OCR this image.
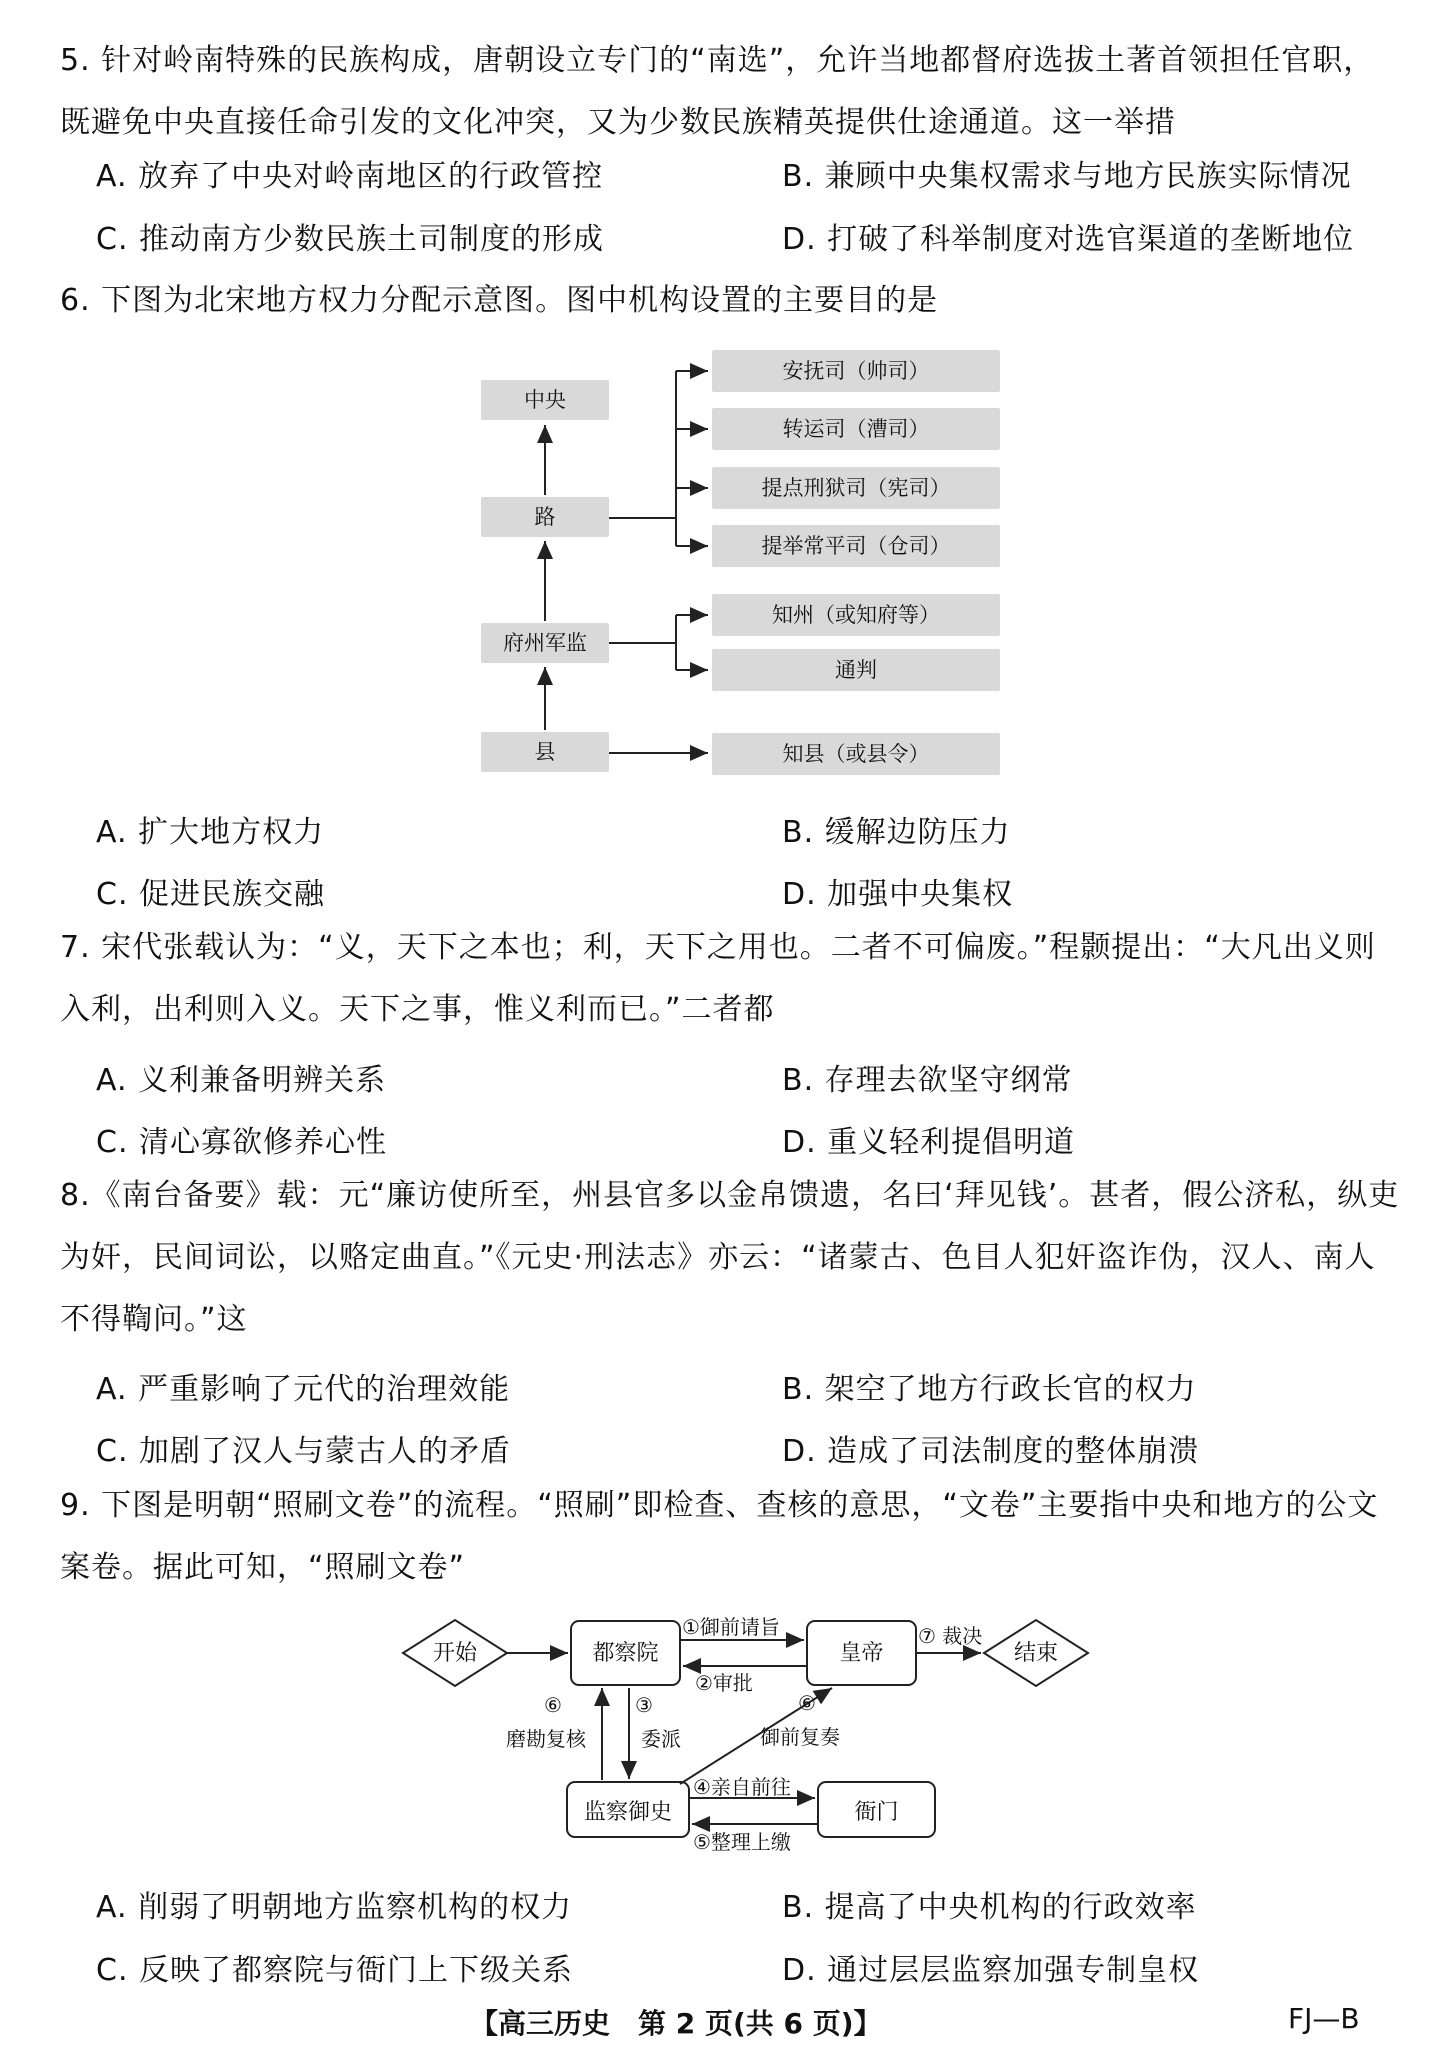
5. 针对岭南特殊的民族构成，唐朝设立专门的“南选”，允许当地都督府选拔土著首领担任官职，既避免中央直接任命引发的文化冲突，又为少数民族精英提供仕途通道。这一举措
A. 放弃了中央对岭南地区的行政管控	B. 兼顾中央集权需求与地方民族实际情况
C. 推动南方少数民族土司制度的形成	D. 打破了科举制度对选官渠道的垄断地位
6. 下图为北宋地方权力分配示意图。图中机构设置的主要目的是
中央
路
府州军监
县
安抚司（帅司）
转运司（漕司）
提点刑狱司（宪司）
提举常平司（仓司）
知州（或知府等）
通判
知县（或县令）
A. 扩大地方权力	B. 缓解边防压力
C. 促进民族交融	D. 加强中央集权
7. 宋代张载认为：“义，天下之本也；利，天下之用也。二者不可偏废。”程颢提出：“大凡出义则入利，出利则入义。天下之事，惟义利而已。”二者都
A. 义利兼备明辨关系	B. 存理去欲坚守纲常
C. 清心寡欲修养心性	D. 重义轻利提倡明道
8.《南台备要》载：元“廉访使所至，州县官多以金帛馈遗，名曰‘拜见钱’。甚者，假公济私，纵吏为奸，民间词讼，以赂定曲直。”《元史·刑法志》亦云：“诸蒙古、色目人犯奸盗诈伪，汉人、南人不得鞫问。”这
A. 严重影响了元代的治理效能	B. 架空了地方行政长官的权力
C. 加剧了汉人与蒙古人的矛盾	D. 造成了司法制度的整体崩溃
9. 下图是明朝“照刷文卷”的流程。“照刷”即检查、查核的意思，“文卷”主要指中央和地方的公文案卷。据此可知，“照刷文卷”
开始	都察院	皇帝	结束
监察御史	衙门
①御前请旨
②审批
⑦ 裁决
⑥
磨勘复核
③
委派
⑥
御前复奏
④亲自前往
⑤整理上缴
A. 削弱了明朝地方监察机构的权力	B. 提高了中央机构的行政效率
C. 反映了都察院与衙门上下级关系	D. 通过层层监察加强专制皇权
【高三历史　第 2 页(共 6 页)】	FJ—B
